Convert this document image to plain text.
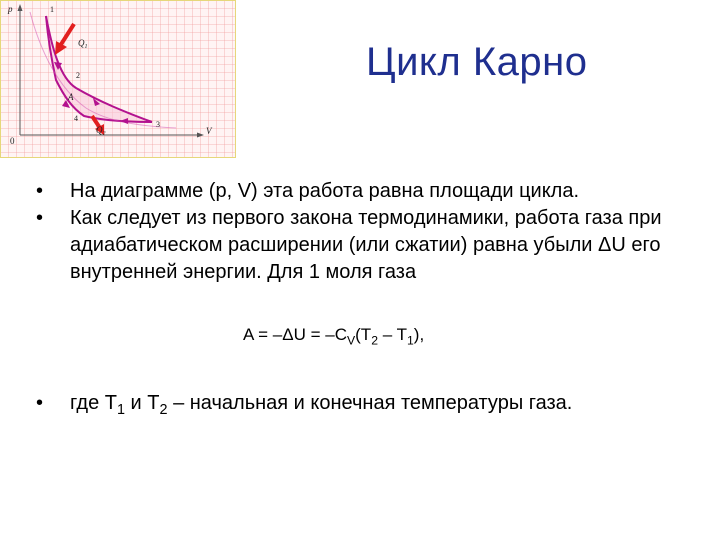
p
V
0
1
2
3
4
A
$Q_1$
$Q_2$
Цикл Карно
•	На диаграмме (p, V) эта работа равна площади цикла.
•	Как следует из первого закона термодинамики, работа газа при адиабатическом расширении (или сжатии) равна убыли ΔU его внутренней энергии. Для 1 моля газа
$A = -\Delta U = -C_V(T_2 - T_1)$,
•	где $T_1$ и $T_2$ – начальная и конечная температуры газа.
